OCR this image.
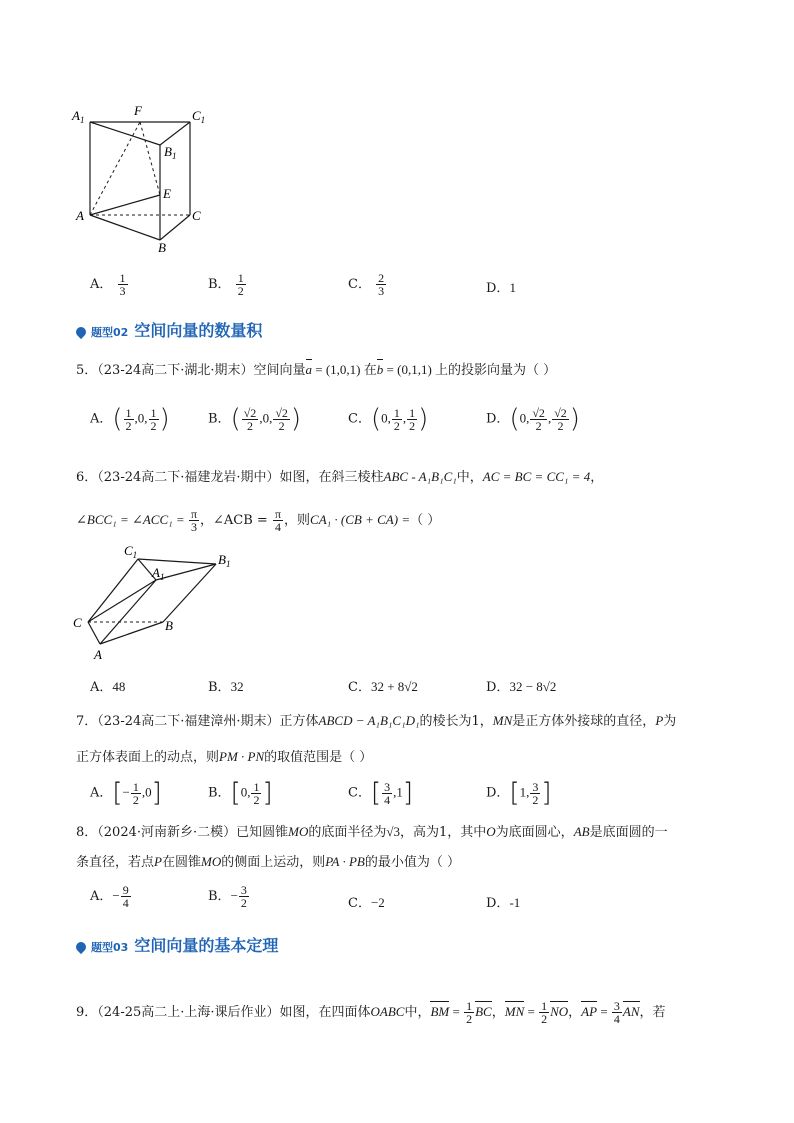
$A_1$
F	$C_1$
$B_1$
E
A	C
B
A． $\frac{1}{3}$	B． $\frac{1}{2}$	C． $\frac{2}{3}$	D．1
题型02 空间向量的数量积
5．（23-24高二下·湖北·期末）空间向量a = (1,0,1) 在b = (0,1,1) 上的投影向量为（ ）
A．( $\frac{1}{2} ,0$, $\frac{1}{2}$ )	B．( $\frac{√2}{2} ,0$, $\frac{√2}{2}$ )	C．(0, $\frac{1}{2}$ , $\frac{1}{2}$ )	D．(0, $\frac{√2}{2}$ , $\frac{√2}{2}$ )
6．（23-24高二下·福建龙岩·期中）如图，在斜三棱柱ABC - A₁B₁C₁中，AC = BC = CC₁ = 4，
∠BCC₁ = ∠ACC₁ = $\frac{\pi}{3}$ ，∠ACB = $\frac{\pi}{4}$ ，则CA₁ · (CB + CA) =（ ）
$C_1$
$A_1$
$B_1$
C	B
A
A．48	B．32	C．32 + 8√2	D．32 − 8√2
7．（23-24高二下·福建漳州·期末）正方体ABCD − A₁B₁C₁D₁的棱长为1，MN是正方体外接球的直径，P为
正方体表面上的动点，则PM · PN的取值范围是（ ）
A．[− $\frac{1}{2} ,0$]	B．[0, $\frac{1}{2}$ ]	C．[ $\frac{3}{4} ,1$]	D．[1, $\frac{3}{2}$ ]
8．（2024·河南新乡·二模）已知圆锥MO的底面半径为√3，高为1，其中O为底面圆心，AB是底面圆的一
条直径，若点P在圆锥MO的侧面上运动，则PA · PB的最小值为（ ）
A．− $\frac{9}{4}$	B．− $\frac{3}{2}$	C．−2	D．-1
题型03 空间向量的基本定理
9．（24-25高二上·上海·课后作业）如图，在四面体OABC中，BM = $\frac{1}{2}$ BC，MN = $\frac{1}{2}$ NO，AP = $\frac{3}{4}$ AN，若
